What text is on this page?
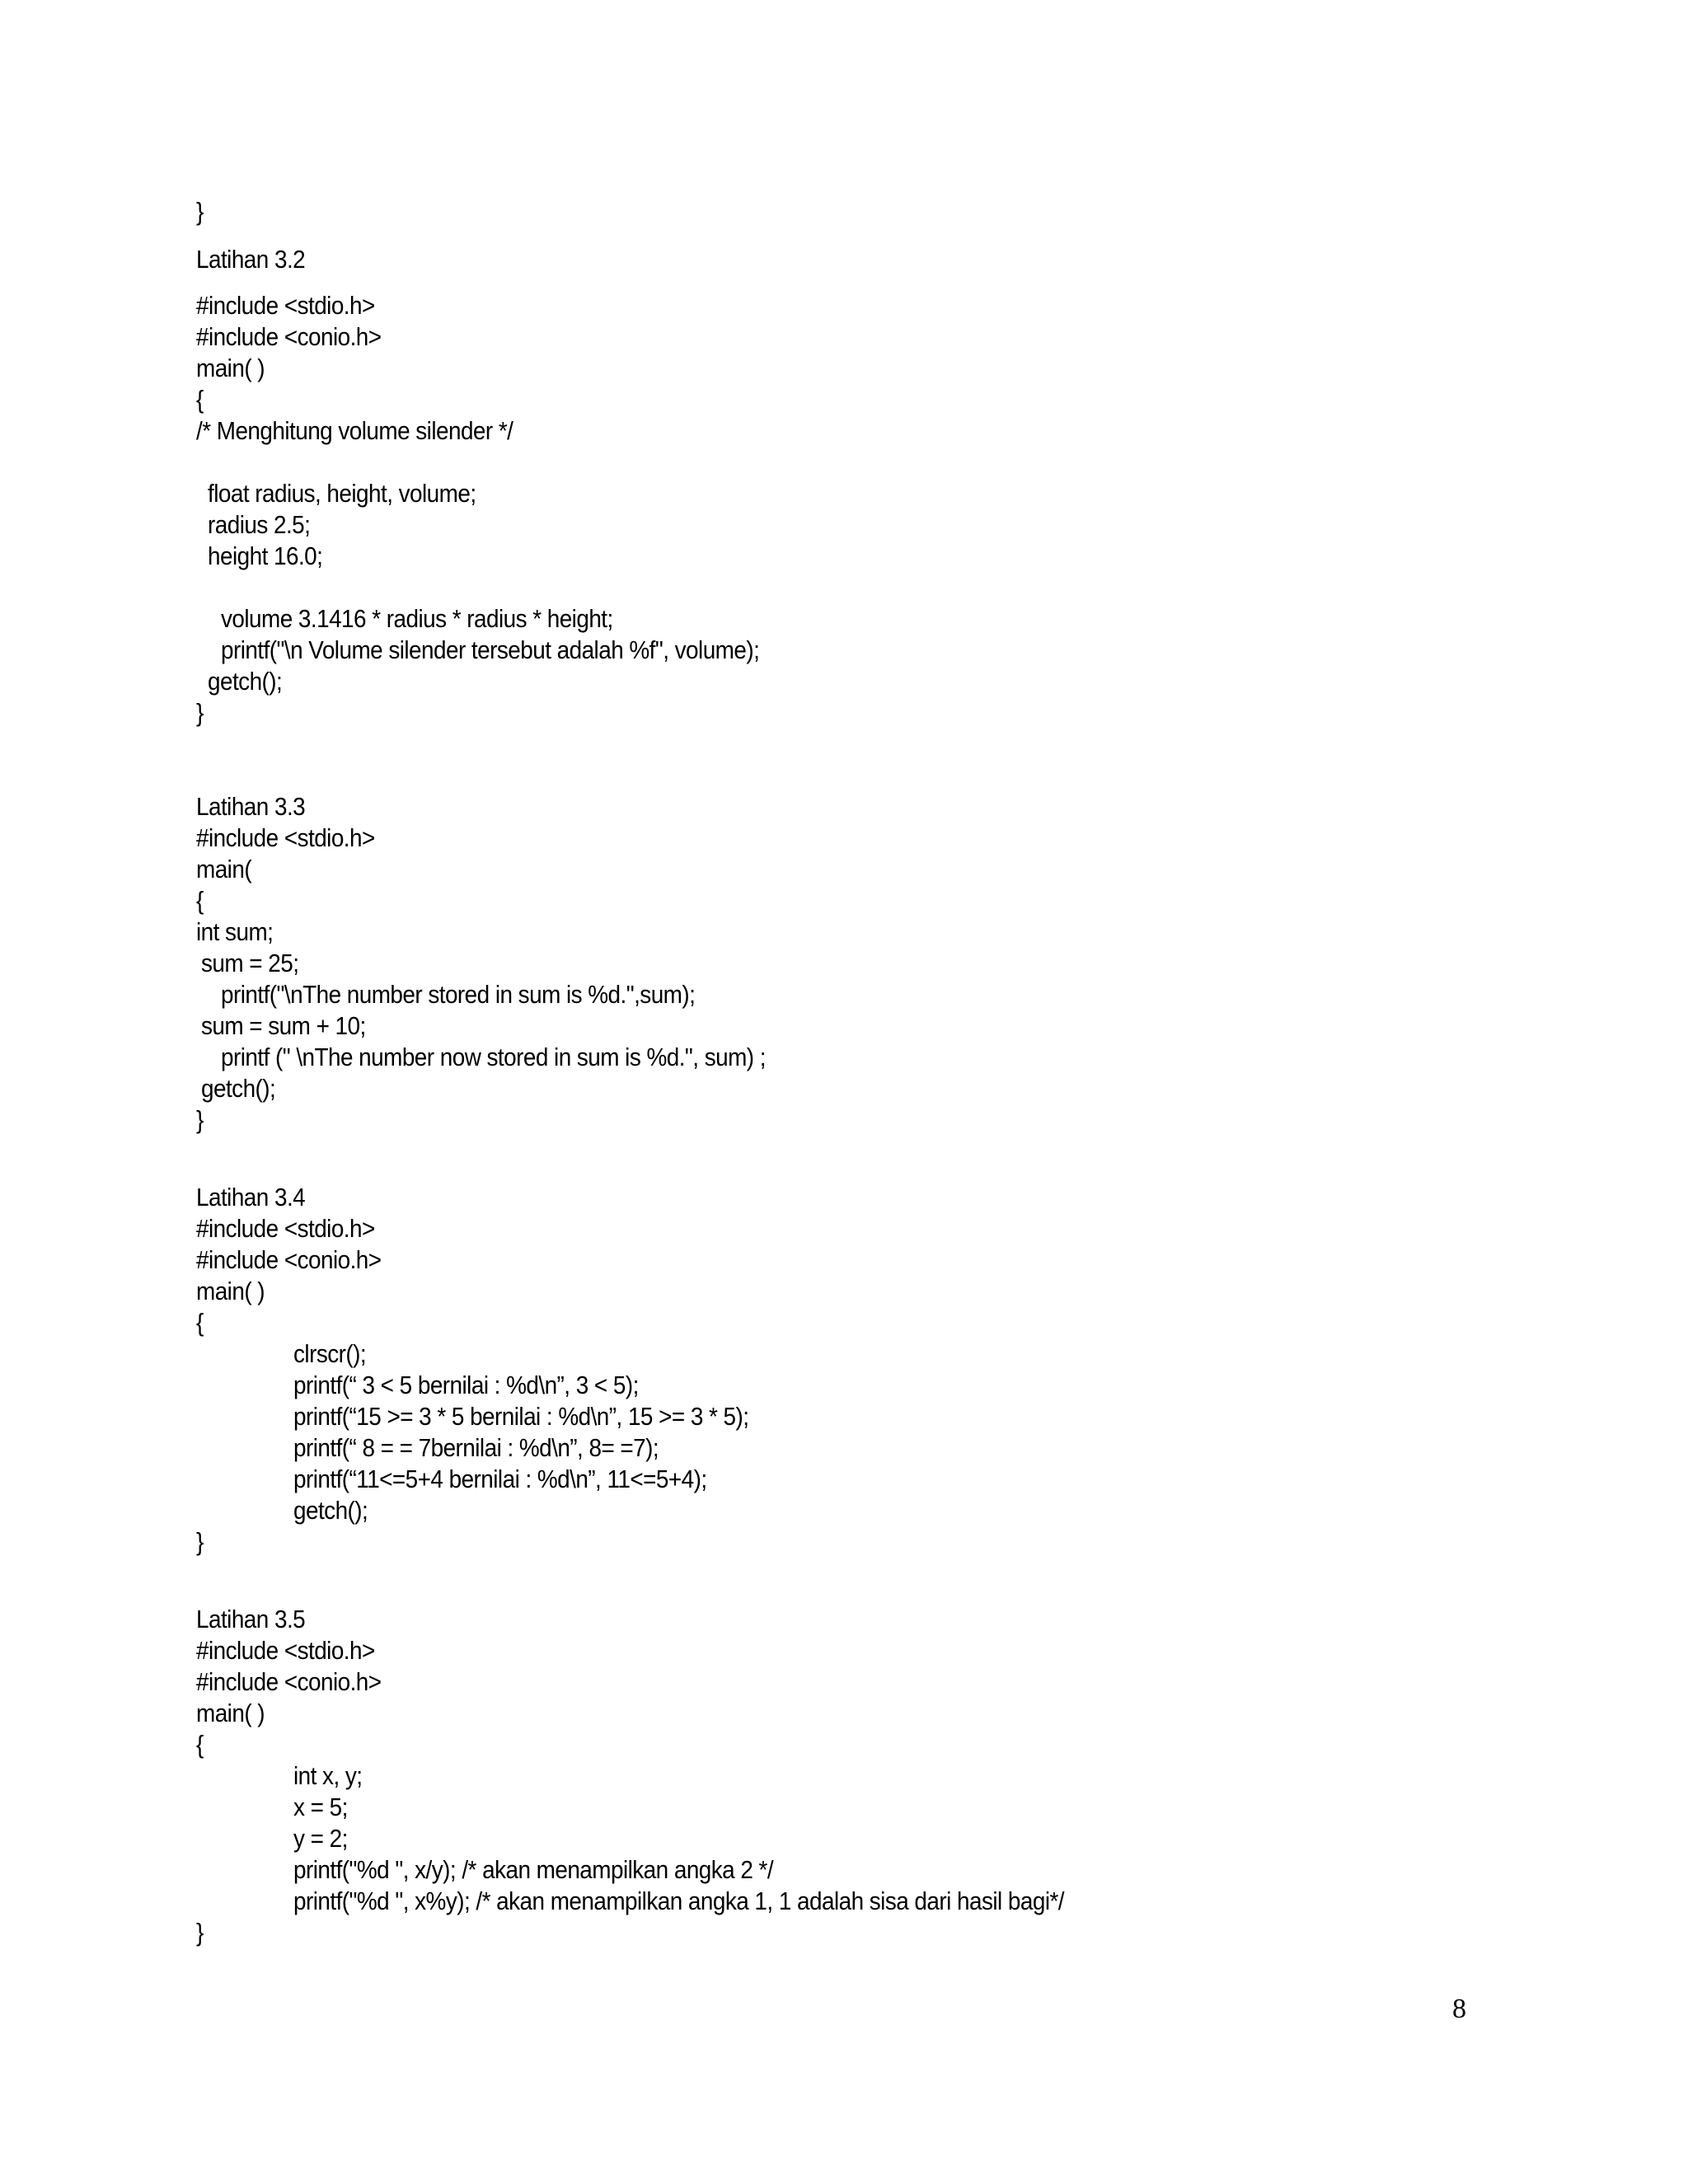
}
Latihan 3.2
#include <stdio.h>
#include <conio.h>
main( )
{
/* Menghitung volume silender */
float radius, height, volume;
radius 2.5;
height 16.0;
volume 3.1416 * radius * radius * height;
printf("\n Volume silender tersebut adalah %f", volume);
getch();
}
Latihan 3.3
#include <stdio.h>
main(
{
int sum;
sum = 25;
printf("\nThe number stored in sum is %d.",sum);
sum = sum + 10;
printf (" \nThe number now stored in sum is %d.", sum) ;
getch();
}
Latihan 3.4
#include <stdio.h>
#include <conio.h>
main( )
{
clrscr();
printf(“ 3 < 5 bernilai : %d\n”, 3 < 5);
printf(“15 >= 3 * 5 bernilai : %d\n”, 15 >= 3 * 5);
printf(“ 8 = = 7bernilai : %d\n”, 8= =7);
printf(“11<=5+4 bernilai : %d\n”, 11<=5+4);
getch();
}
Latihan 3.5
#include <stdio.h>
#include <conio.h>
main( )
{
int x, y;
x = 5;
y = 2;
printf("%d ", x/y); /* akan menampilkan angka 2 */
printf("%d ", x%y); /* akan menampilkan angka 1, 1 adalah sisa dari hasil bagi*/
}
8
